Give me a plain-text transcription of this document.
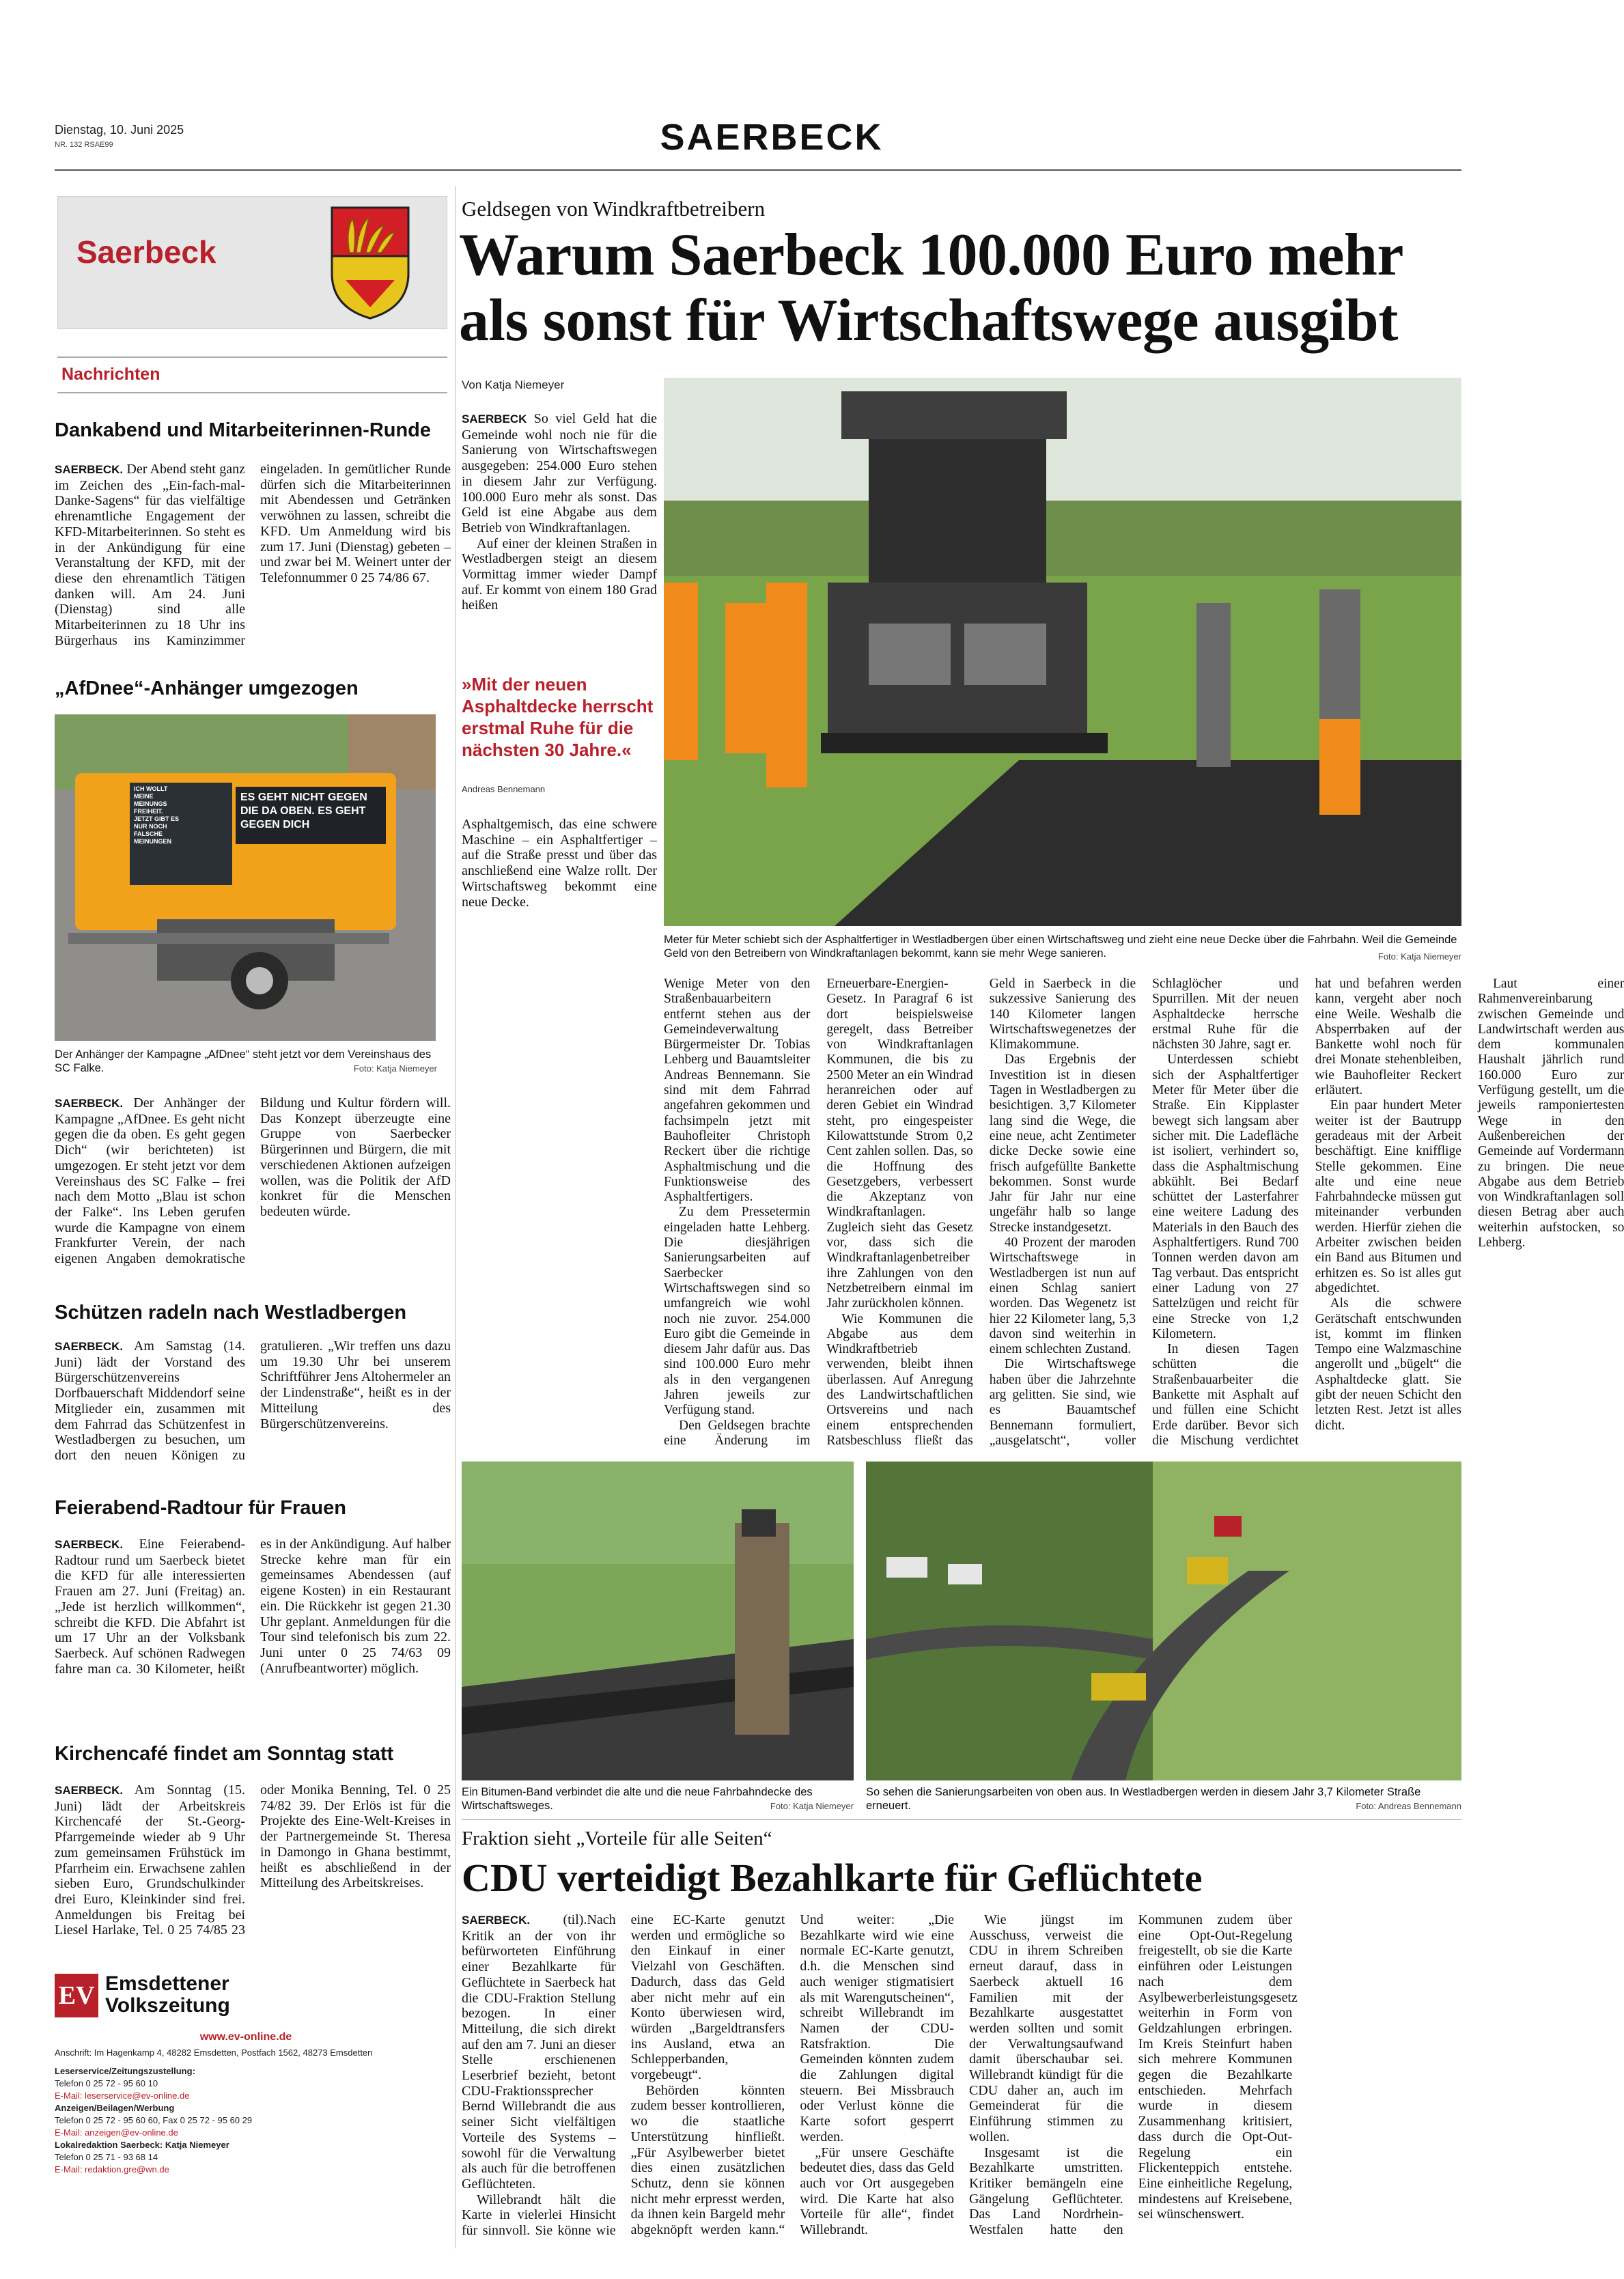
Dienstag, 10. Juni 2025
NR. 132 RSAE99	SAERBECK
Saerbeck
Nachrichten
Dankabend und Mitarbeiterinnen-Runde

SAERBECK. Der Abend steht ganz im Zeichen des „Ein-fach-mal-Danke-Sagens“ für das vielfältige ehrenamtliche Engagement der KFD-Mitarbeiterinnen. So steht es in der Ankündigung für eine Veranstaltung der KFD, mit der diese den ehrenamtlich Tätigen danken will. Am 24. Juni (Dienstag) sind alle Mitarbeiterinnen zu 18 Uhr ins Bürgerhaus ins Kaminzimmer eingeladen. In gemütlicher Runde dürfen sich die Mitarbeiterinnen mit Abendessen und Getränken verwöhnen zu lassen, schreibt die KFD. Um Anmeldung wird bis zum 17. Juni (Dienstag) gebeten – und zwar bei M. Weinert unter der Telefonnummer 0 25 74/86 67.

„AfDnee“-Anhänger umgezogen
ICH WOLLT MEINE MEINUNGS FREIHEIT. JETZT GIBT ES NUR NOCH FALSCHE MEINUNGEN
ES GEHT NICHT GEGEN DIE DA OBEN. ES GEHT GEGEN DICH
Der Anhänger der Kampagne „AfDnee“ steht jetzt vor dem Vereinshaus des SC Falke.	Foto: Katja Niemeyer

SAERBECK. Der Anhänger der Kampagne „AfDnee. Es geht nicht gegen die da oben. Es geht gegen Dich“ (wir berichteten) ist umgezogen. Er steht jetzt vor dem Vereinshaus des SC Falke – frei nach dem Motto „Blau ist schon der Falke“. Ins Leben gerufen wurde die Kampagne von einem Frankfurter Verein, der nach eigenen Angaben demokratische Bildung und Kultur fördern will. Das Konzept überzeugte eine Gruppe von Saerbecker Bürgerinnen und Bürgern, die mit verschiedenen Aktionen aufzeigen wollen, was die Politik der AfD konkret für die Menschen bedeuten würde.

Schützen radeln nach Westladbergen

SAERBECK. Am Samstag (14. Juni) lädt der Vorstand des Bürgerschützenvereins Dorfbauerschaft Middendorf seine Mitglieder ein, zusammen mit dem Fahrrad das Schützenfest in Westladbergen zu besuchen, um dort den neuen Königen zu gratulieren. „Wir treffen uns dazu um 19.30 Uhr bei unserem Schriftführer Jens Altohermeler an der Lindenstraße“, heißt es in der Mitteilung des Bürgerschützenvereins.

Feierabend-Radtour für Frauen

SAERBECK. Eine Feierabend-Radtour rund um Saerbeck bietet die KFD für alle interessierten Frauen am 27. Juni (Freitag) an. „Jede ist herzlich willkommen“, schreibt die KFD. Die Abfahrt ist um 17 Uhr an der Volksbank Saerbeck. Auf schönen Radwegen fahre man ca. 30 Kilometer, heißt es in der Ankündigung. Auf halber Strecke kehre man für ein gemeinsames Abendessen (auf eigene Kosten) in ein Restaurant ein. Die Rückkehr ist gegen 21.30 Uhr geplant. Anmeldungen für die Tour sind telefonisch bis zum 22. Juni unter 0 25 74/63 09 (Anrufbeantworter) möglich.

Kirchencafé findet am Sonntag statt

SAERBECK. Am Sonntag (15. Juni) lädt der Arbeitskreis Kirchencafé der St.-Georg-Pfarrgemeinde wieder ab 9 Uhr zum gemeinsamen Frühstück im Pfarrheim ein. Erwachsene zahlen sieben Euro, Grundschulkinder drei Euro, Kleinkinder sind frei. Anmeldungen bis Freitag bei Liesel Harlake, Tel. 0 25 74/85 23 oder Monika Benning, Tel. 0 25 74/82 39. Der Erlös ist für die Projekte des Eine-Welt-Kreises in der Partnergemeinde St. Theresa in Damongo in Ghana bestimmt, heißt es abschließend in der Mitteilung des Arbeitskreises.

EV Emsdettener
Volkszeitung
www.ev-online.de
Anschrift: Im Hagenkamp 4, 48282 Emsdetten, Postfach 1562, 48273 Emsdetten
Leserservice/Zeitungszustellung:
Telefon 0 25 72 - 95 60 10
E-Mail: leserservice@ev-online.de
Anzeigen/Beilagen/Werbung
Telefon 0 25 72 - 95 60 60, Fax 0 25 72 - 95 60 29
E-Mail: anzeigen@ev-online.de
Lokalredaktion Saerbeck: Katja Niemeyer
Telefon 0 25 71 - 93 68 14
E-Mail: redaktion.gre@wn.de
Geldsegen von Windkraftbetreibern
Warum Saerbeck 100.000 Euro mehr als sonst für Wirtschaftswege ausgibt
Von Katja Niemeyer

SAERBECK So viel Geld hat die Gemeinde wohl noch nie für die Sanierung von Wirtschaftswegen ausgegeben: 254.000 Euro stehen in diesem Jahr zur Verfügung. 100.000 Euro mehr als sonst. Das Geld ist eine Abgabe aus dem Betrieb von Windkraftanlagen.

Auf einer der kleinen Straßen in Westladbergen steigt an diesem Vormittag immer wieder Dampf auf. Er kommt von einem 180 Grad heißen

»Mit der neuen Asphaltdecke herrscht erstmal Ruhe für die nächsten 30 Jahre.«
Andreas Bennemann
Asphaltgemisch, das eine schwere Maschine – ein Asphaltfertiger – auf die Straße presst und über das anschließend eine Walze rollt. Der Wirtschaftsweg bekommt eine neue Decke.
Meter für Meter schiebt sich der Asphaltfertiger in Westladbergen über einen Wirtschaftsweg und zieht eine neue Decke über die Fahrbahn. Weil die Gemeinde Geld von den Betreibern von Windkraftanlagen bekommt, kann sie mehr Wege sanieren.	Foto: Katja Niemeyer

Wenige Meter von den Straßenbauarbeitern entfernt stehen aus der Gemeindeverwaltung Bürgermeister Dr. Tobias Lehberg und Bauamtsleiter Andreas Bennemann. Sie sind mit dem Fahrrad angefahren gekommen und fachsimpeln jetzt mit Bauhofleiter Christoph Reckert über die richtige Asphaltmischung und die Funktionsweise des Asphaltfertigers.

Zu dem Pressetermin eingeladen hatte Lehberg. Die diesjährigen Sanierungsarbeiten auf Saerbecker Wirtschaftswegen sind so umfangreich wie wohl noch nie zuvor. 254.000 Euro gibt die Gemeinde in diesem Jahr dafür aus. Das sind 100.000 Euro mehr als in den vergangenen Jahren jeweils zur Verfügung stand.

Den Geldsegen brachte eine Änderung im Erneuerbare-Energien-Gesetz. In Paragraf 6 ist dort beispielsweise geregelt, dass Betreiber von Windkraftanlagen Kommunen, die bis zu 2500 Meter an ein Windrad heranreichen oder auf deren Gebiet ein Windrad steht, pro eingespeister Kilowattstunde Strom 0,2 Cent zahlen sollen. Das, so die Hoffnung des Gesetzgebers, verbessert die Akzeptanz von Windkraftanlagen. Zugleich sieht das Gesetz vor, dass sich die Windkraftanlagenbetreiber ihre Zahlungen von den Netzbetreibern einmal im Jahr zurückholen können.

Wie Kommunen die Abgabe aus dem Windkraftbetrieb verwenden, bleibt ihnen überlassen. Auf Anregung des Landwirtschaftlichen Ortsvereins und nach einem entsprechenden Ratsbeschluss fließt das Geld in Saerbeck in die sukzessive Sanierung des 140 Kilometer langen Wirtschaftswegenetzes der Klimakommune.

Das Ergebnis der Investition ist in diesen Tagen in Westladbergen zu besichtigen. 3,7 Kilometer lang sind die Wege, die eine neue, acht Zentimeter dicke Decke sowie eine frisch aufgefüllte Bankette bekommen. Sonst wurde Jahr für Jahr nur eine ungefähr halb so lange Strecke instandgesetzt.

40 Prozent der maroden Wirtschaftswege in Westladbergen ist nun auf einen Schlag saniert worden. Das Wegenetz ist hier 22 Kilometer lang, 5,3 davon sind weiterhin in einem schlechten Zustand.

Die Wirtschaftswege haben über die Jahrzehnte arg gelitten. Sie sind, wie es Bauamtschef Bennemann formuliert, „ausgelatscht“, voller Schlaglöcher und Spurrillen. Mit der neuen Asphaltdecke herrsche erstmal Ruhe für die nächsten 30 Jahre, sagt er.

Unterdessen schiebt sich der Asphaltfertiger Meter für Meter über die Straße. Ein Kipplaster bewegt sich langsam aber sicher mit. Die Ladefläche ist isoliert, verhindert so, dass die Asphaltmischung abkühlt. Bei Bedarf schüttet der Lasterfahrer eine weitere Ladung des Materials in den Bauch des Asphaltfertigers. Rund 700 Tonnen werden davon am Tag verbaut. Das entspricht einer Ladung von 27 Sattelzügen und reicht für eine Strecke von 1,2 Kilometern.

In diesen Tagen schütten die Straßenbauarbeiter die Bankette mit Asphalt auf und füllen eine Schicht Erde darüber. Bevor sich die Mischung verdichtet hat und befahren werden kann, vergeht aber noch eine Weile. Weshalb die Absperrbaken auf der Bankette wohl noch für drei Monate stehenbleiben, wie Bauhofleiter Reckert erläutert.

Ein paar hundert Meter weiter ist der Bautrupp geradeaus mit der Arbeit beschäftigt. Eine knifflige Stelle gekommen. Eine alte und eine neue Fahrbahndecke müssen gut miteinander verbunden werden. Hierfür ziehen die Arbeiter zwischen beiden ein Band aus Bitumen und erhitzen es. So ist alles gut abgedichtet.

Als die schwere Gerätschaft entschwunden ist, kommt im flinken Tempo eine Walzmaschine angerollt und „bügelt“ die Asphaltdecke glatt. Sie gibt der neuen Schicht den letzten Rest. Jetzt ist alles dicht.

Laut einer Rahmenvereinbarung zwischen Gemeinde und Landwirtschaft werden aus dem kommunalen Haushalt jährlich rund 160.000 Euro zur Verfügung gestellt, um die jeweils ramponiertesten Wege in den Außenbereichen der Gemeinde auf Vordermann zu bringen. Die neue Abgabe aus dem Betrieb von Windkraftanlagen soll diesen Betrag aber auch weiterhin aufstocken, so Lehberg.

Ein Bitumen-Band verbindet die alte und die neue Fahrbahndecke des Wirtschaftsweges.	Foto: Katja Niemeyer
So sehen die Sanierungsarbeiten von oben aus. In Westladbergen werden in diesem Jahr 3,7 Kilometer Straße erneuert.	Foto: Andreas Bennemann
Fraktion sieht „Vorteile für alle Seiten“
CDU verteidigt Bezahlkarte für Geflüchtete

SAERBECK. (til).Nach Kritik an der von ihr befürworteten Einführung einer Bezahlkarte für Geflüchtete in Saerbeck hat die CDU-Fraktion Stellung bezogen. In einer Mitteilung, die sich direkt auf den am 7. Juni an dieser Stelle erschienenen Leserbrief bezieht, betont CDU-Fraktionssprecher Bernd Willebrandt die aus seiner Sicht vielfältigen Vorteile des Systems – sowohl für die Verwaltung als auch für die betroffenen Geflüchteten.

Willebrandt hält die Karte in vielerlei Hinsicht für sinnvoll. Sie könne wie eine EC-Karte genutzt werden und ermögliche so den Einkauf in einer Vielzahl von Geschäften. Dadurch, dass das Geld aber nicht mehr auf ein Konto überwiesen wird, würden „Bargeldtransfers ins Ausland, etwa an Schlepperbanden, vorgebeugt“.

Behörden könnten zudem besser kontrollieren, wo die staatliche Unterstützung hinfließt. „Für Asylbewerber bietet dies einen zusätzlichen Schutz, denn sie können nicht mehr erpresst werden, da ihnen kein Bargeld mehr abgeknöpft werden kann.“ Und weiter: „Die Bezahlkarte wird wie eine normale EC-Karte genutzt, d.h. die Menschen sind auch weniger stigmatisiert als mit Warengutscheinen“, schreibt Willebrandt im Namen der CDU-Ratsfraktion. Die Gemeinden könnten zudem die Zahlungen digital steuern. Bei Missbrauch oder Verlust könne die Karte sofort gesperrt werden.

„Für unsere Geschäfte bedeutet dies, dass das Geld auch vor Ort ausgegeben wird. Die Karte hat also Vorteile für alle“, findet Willebrandt.

Wie jüngst im Ausschuss, verweist die CDU in ihrem Schreiben erneut darauf, dass in Saerbeck aktuell 16 Familien mit der Bezahlkarte ausgestattet werden sollten und somit der Verwaltungsaufwand damit überschaubar sei. Willebrandt kündigt für die CDU daher an, auch im Gemeinderat für die Einführung stimmen zu wollen.

Insgesamt ist die Bezahlkarte umstritten. Kritiker bemängeln eine Gängelung Geflüchteter. Das Land Nordrhein-Westfalen hatte den Kommunen zudem über eine Opt-Out-Regelung freigestellt, ob sie die Karte einführen oder Leistungen nach dem Asylbewerberleistungsgesetz weiterhin in Form von Geldzahlungen erbringen. Im Kreis Steinfurt haben sich mehrere Kommunen gegen die Bezahlkarte entschieden. Mehrfach wurde in diesem Zusammenhang kritisiert, dass durch die Opt-Out-Regelung ein Flickenteppich entstehe. Eine einheitliche Regelung, mindestens auf Kreisebene, sei wünschenswert.
